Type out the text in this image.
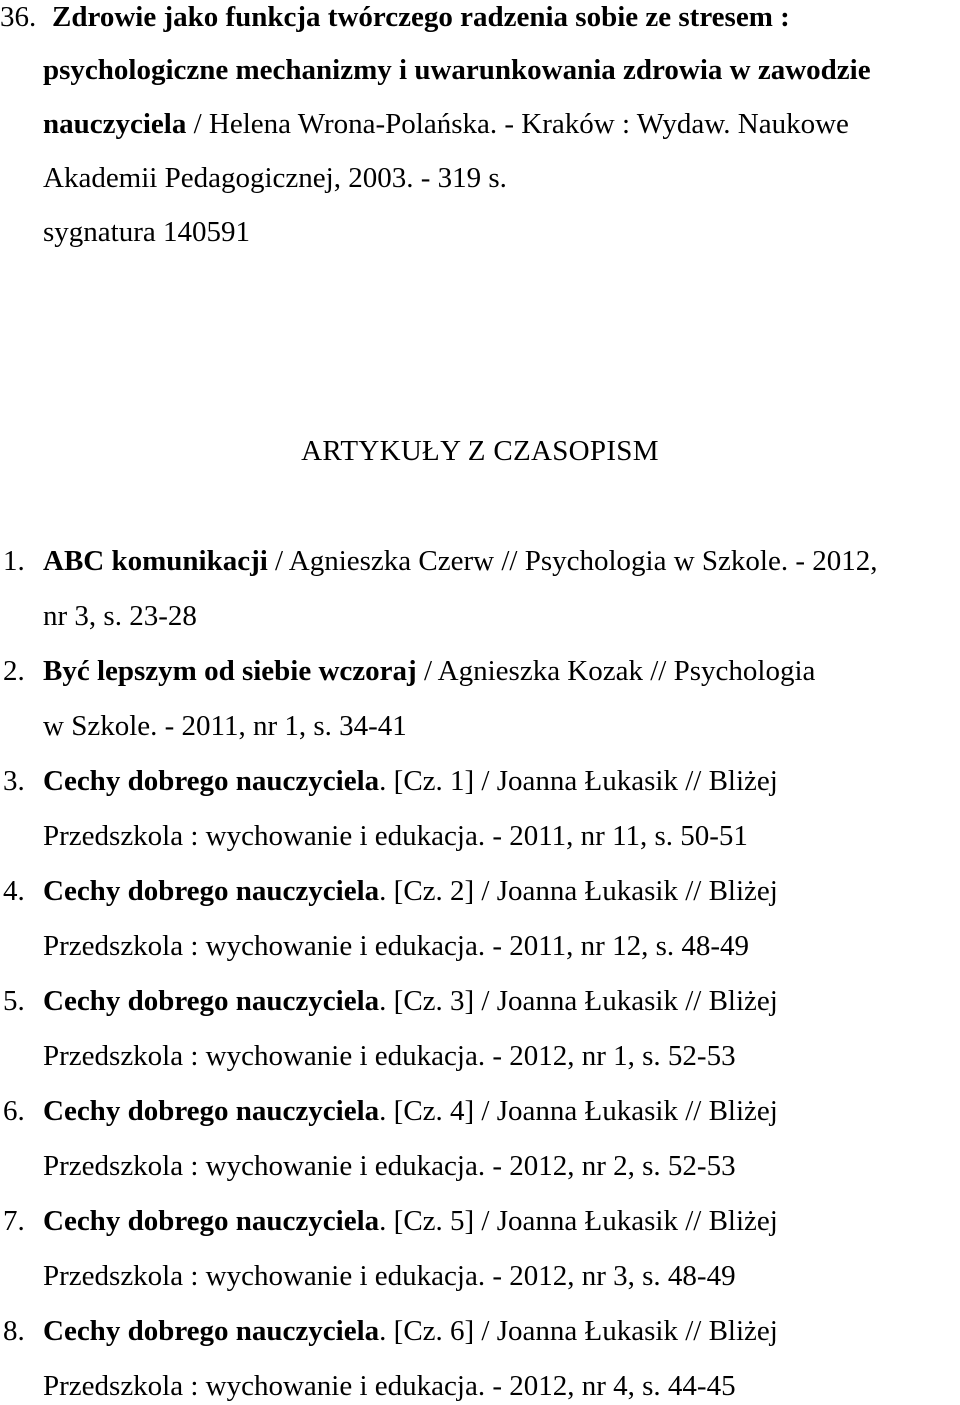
36. Zdrowie jako funkcja twórczego radzenia sobie ze stresem :
psychologiczne mechanizmy i uwarunkowania zdrowia w zawodzie
nauczyciela / Helena Wrona-Polańska. - Kraków : Wydaw. Naukowe
Akademii Pedagogicznej, 2003. - 319 s.
sygnatura 140591
ARTYKUŁY Z CZASOPISM
1. ABC komunikacji / Agnieszka Czerw // Psychologia w Szkole. - 2012,
nr 3, s. 23-28
2. Być lepszym od siebie wczoraj / Agnieszka Kozak // Psychologia
w Szkole. - 2011, nr 1, s. 34-41
3. Cechy dobrego nauczyciela. [Cz. 1] / Joanna Łukasik // Bliżej
Przedszkola : wychowanie i edukacja. - 2011, nr 11, s. 50-51
4. Cechy dobrego nauczyciela. [Cz. 2] / Joanna Łukasik // Bliżej
Przedszkola : wychowanie i edukacja. - 2011, nr 12, s. 48-49
5. Cechy dobrego nauczyciela. [Cz. 3] / Joanna Łukasik // Bliżej
Przedszkola : wychowanie i edukacja. - 2012, nr 1, s. 52-53
6. Cechy dobrego nauczyciela. [Cz. 4] / Joanna Łukasik // Bliżej
Przedszkola : wychowanie i edukacja. - 2012, nr 2, s. 52-53
7. Cechy dobrego nauczyciela. [Cz. 5] / Joanna Łukasik // Bliżej
Przedszkola : wychowanie i edukacja. - 2012, nr 3, s. 48-49
8. Cechy dobrego nauczyciela. [Cz. 6] / Joanna Łukasik // Bliżej
Przedszkola : wychowanie i edukacja. - 2012, nr 4, s. 44-45
